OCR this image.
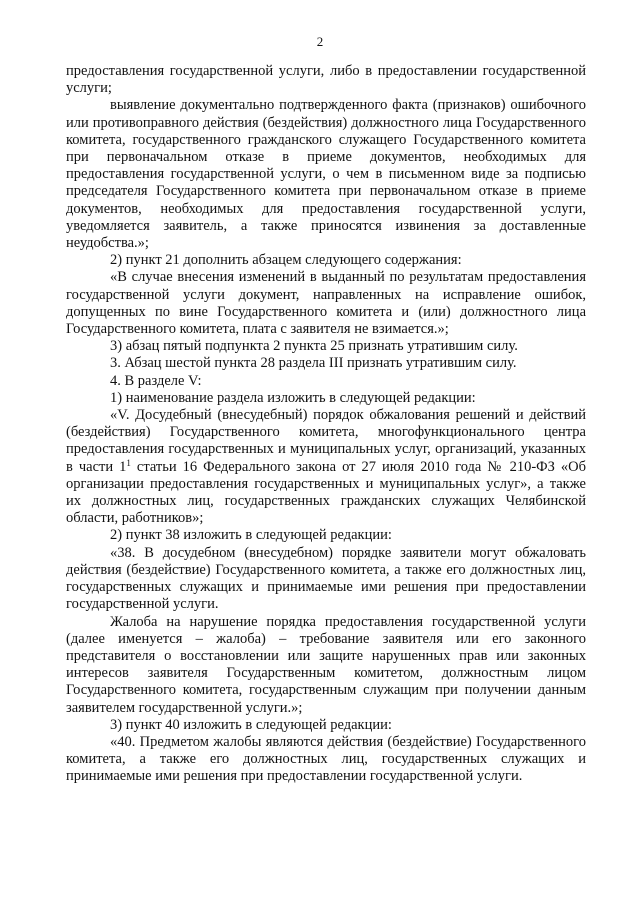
2

предоставления государственной услуги, либо в предоставлении государственной услуги;

выявление документально подтвержденного факта (признаков) ошибочного или противоправного действия (бездействия) должностного лица Государственного комитета, государственного гражданского служащего Государственного комитета при первоначальном отказе в приеме документов, необходимых для предоставления государственной услуги, о чем в письменном виде за подписью председателя Государственного комитета при первоначальном отказе в приеме документов, необходимых для предоставления государственной услуги, уведомляется заявитель, а также приносятся извинения за доставленные неудобства.»;

2) пункт 21 дополнить абзацем следующего содержания:

«В случае внесения изменений в выданный по результатам предоставления государственной услуги документ, направленных на исправление ошибок, допущенных по вине Государственного комитета и (или) должностного лица Государственного комитета, плата с заявителя не взимается.»;

3) абзац пятый подпункта 2 пункта 25 признать утратившим силу.

3. Абзац шестой пункта 28 раздела III признать утратившим силу.

4. В разделе V:

1) наименование раздела изложить в следующей редакции:

«V. Досудебный (внесудебный) порядок обжалования решений и действий (бездействия) Государственного комитета, многофункционального центра предоставления государственных и муниципальных услуг, организаций, указанных в части $1^1$ статьи 16 Федерального закона от 27 июля 2010 года № 210-ФЗ «Об организации предоставления государственных и муниципальных услуг», а также их должностных лиц, государственных гражданских служащих Челябинской области, работников»;

2) пункт 38 изложить в следующей редакции:

«38. В досудебном (внесудебном) порядке заявители могут обжаловать действия (бездействие) Государственного комитета, а также его должностных лиц, государственных служащих и принимаемые ими решения при предоставлении государственной услуги.

Жалоба на нарушение порядка предоставления государственной услуги (далее именуется – жалоба) – требование заявителя или его законного представителя о восстановлении или защите нарушенных прав или законных интересов заявителя Государственным комитетом, должностным лицом Государственного комитета, государственным служащим при получении данным заявителем государственной услуги.»;

3) пункт 40 изложить в следующей редакции:

«40. Предметом жалобы являются действия (бездействие) Государственного комитета, а также его должностных лиц, государственных служащих и принимаемые ими решения при предоставлении государственной услуги.
